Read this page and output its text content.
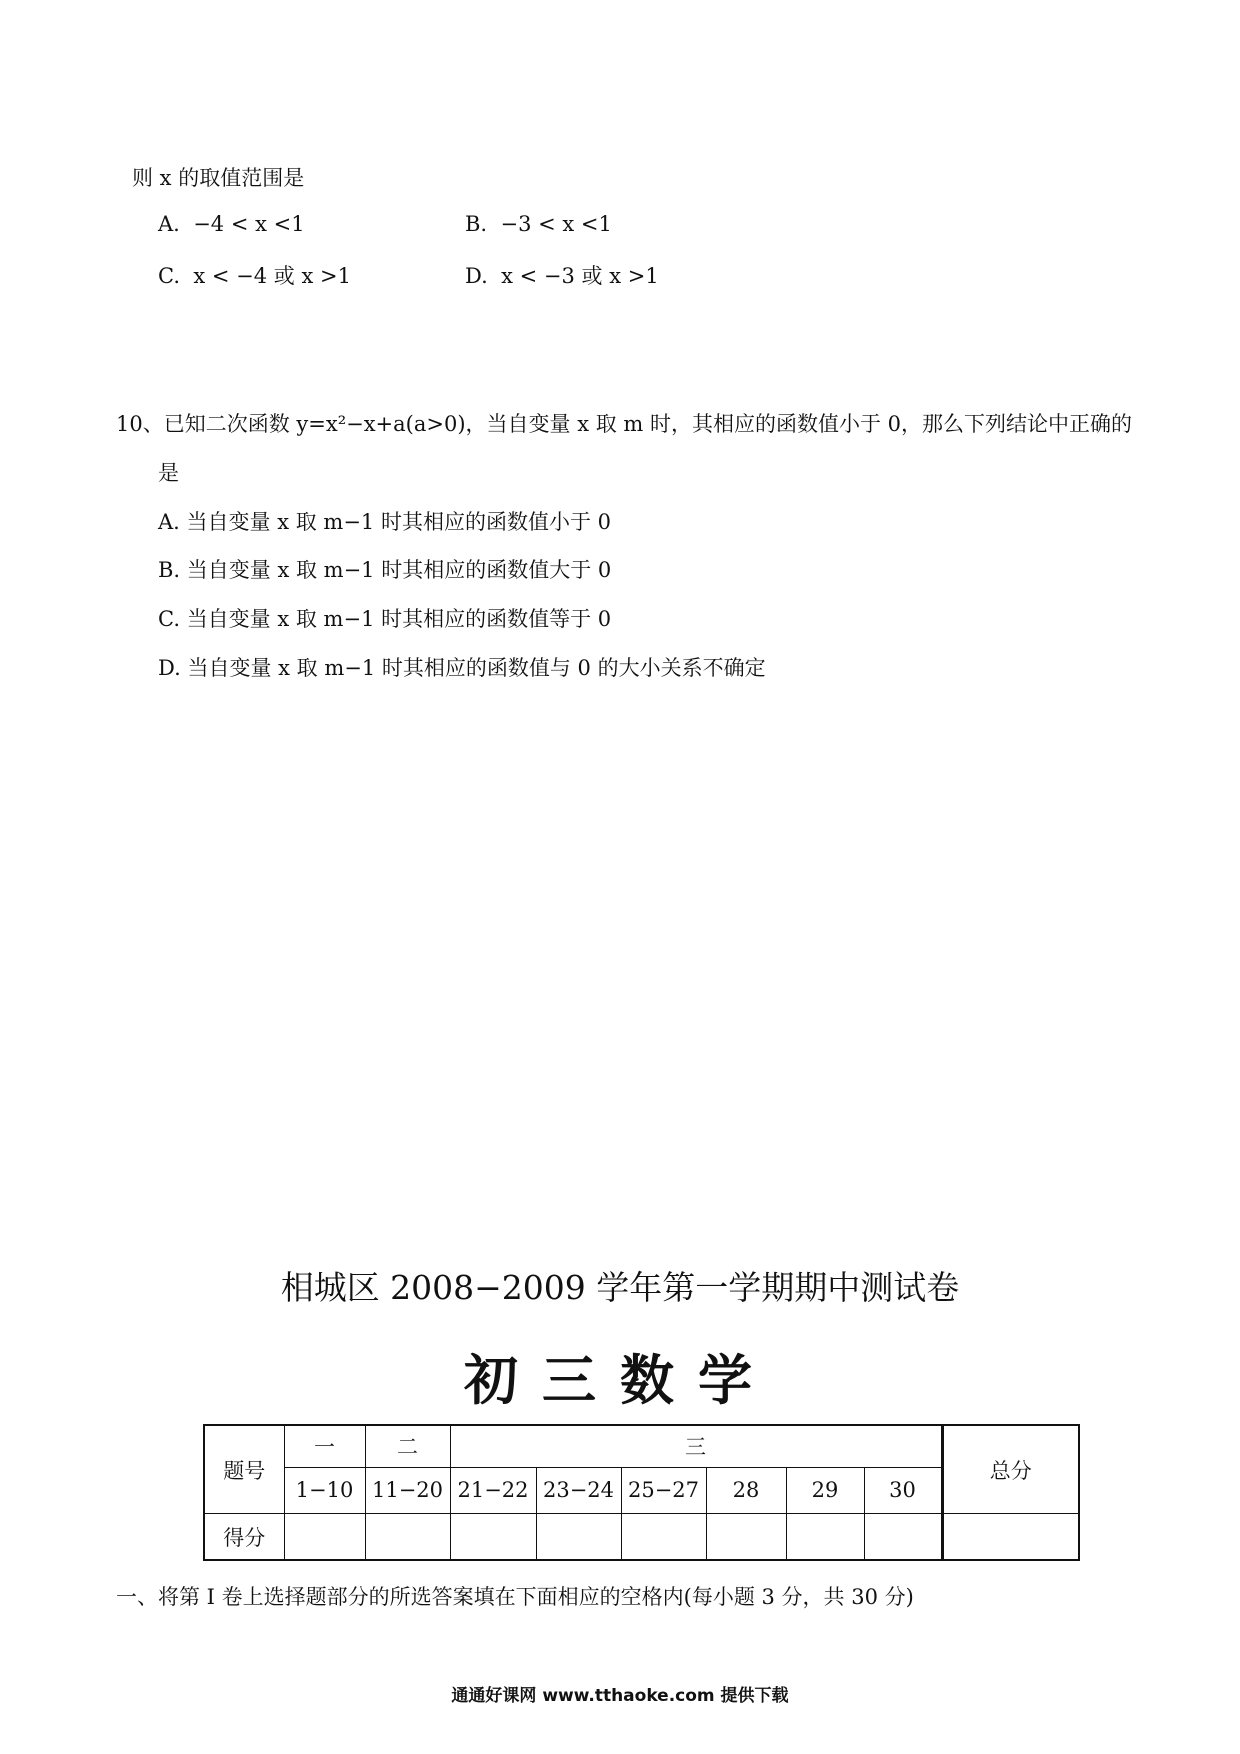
则 x 的取值范围是
A. −4 < x <1	B. −3 < x <1
C. x < −4 或 x >1	D. x < −3 或 x >1
10、已知二次函数 y=x²−x+a(a>0)，当自变量 x 取 m 时，其相应的函数值小于 0，那么下列结论中正确的
是
A. 当自变量 x 取 m−1 时其相应的函数值小于 0
B. 当自变量 x 取 m−1 时其相应的函数值大于 0
C. 当自变量 x 取 m−1 时其相应的函数值等于 0
D. 当自变量 x 取 m−1 时其相应的函数值与 0 的大小关系不确定
相城区 2008−2009 学年第一学期期中测试卷
初三数学
题号	一	二	三						总分
	1−10	11−20	21−22	23−24	25−27	28	29	30	
得分									
一、将第 I 卷上选择题部分的所选答案填在下面相应的空格内(每小题 3 分，共 30 分)
通通好课网 www.tthaoke.com 提供下载
